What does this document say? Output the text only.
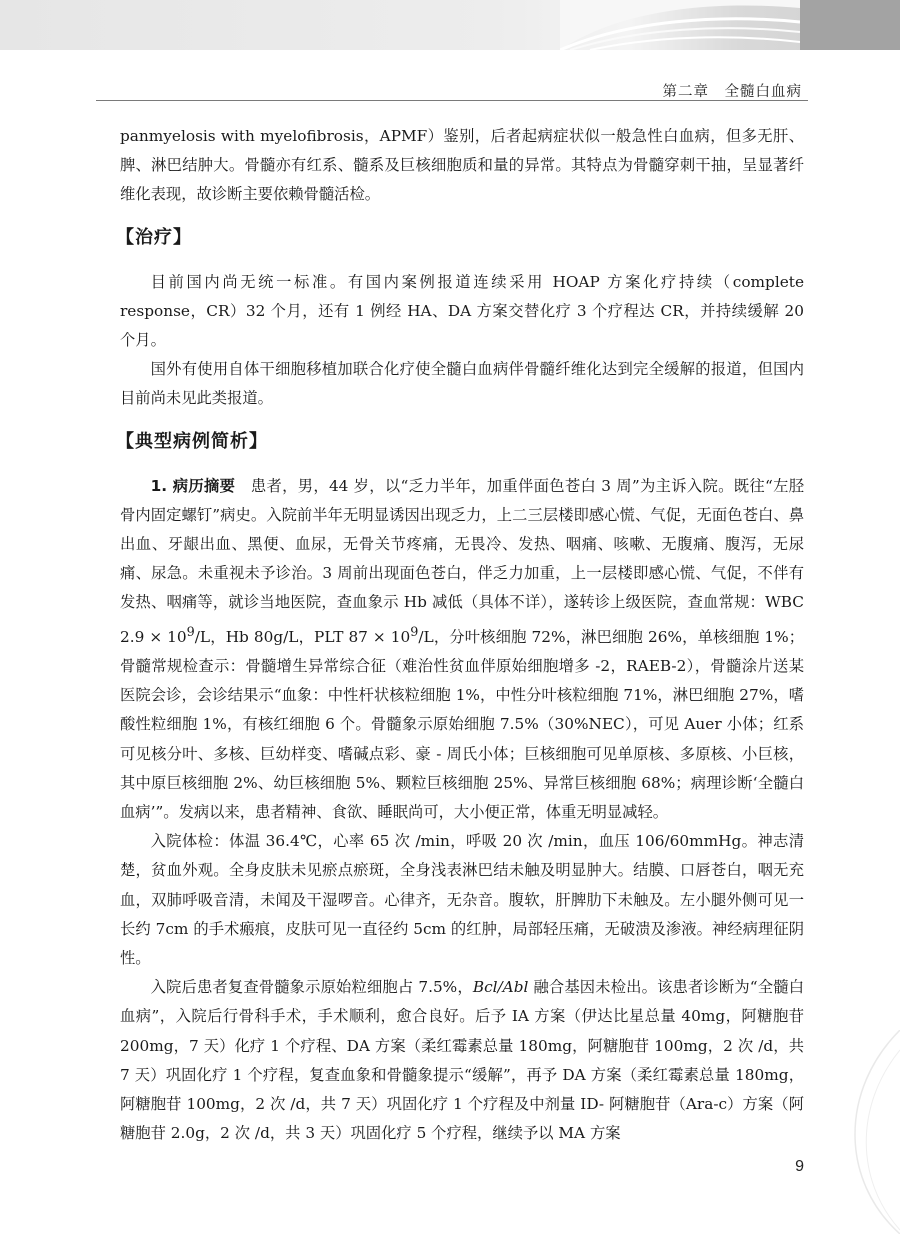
第二章　全髓白血病

panmyelosis with myelofibrosis，APMF）鉴别，后者起病症状似一般急性白血病，但多无肝、脾、淋巴结肿大。骨髓亦有红系、髓系及巨核细胞质和量的异常。其特点为骨髓穿刺干抽，呈显著纤维化表现，故诊断主要依赖骨髓活检。

【治疗】

目前国内尚无统一标准。有国内案例报道连续采用 HOAP 方案化疗持续（complete response，CR）32 个月，还有 1 例经 HA、DA 方案交替化疗 3 个疗程达 CR，并持续缓解 20 个月。

国外有使用自体干细胞移植加联合化疗使全髓白血病伴骨髓纤维化达到完全缓解的报道，但国内目前尚未见此类报道。

【典型病例简析】

1. 病历摘要　患者，男，44 岁，以“乏力半年，加重伴面色苍白 3 周”为主诉入院。既往“左胫骨内固定螺钉”病史。入院前半年无明显诱因出现乏力，上二三层楼即感心慌、气促，无面色苍白、鼻出血、牙龈出血、黑便、血尿，无骨关节疼痛，无畏冷、发热、咽痛、咳嗽、无腹痛、腹泻，无尿痛、尿急。未重视未予诊治。3 周前出现面色苍白，伴乏力加重，上一层楼即感心慌、气促，不伴有发热、咽痛等，就诊当地医院，查血象示 Hb 减低（具体不详），遂转诊上级医院，查血常规：WBC $2.9 \times 10^9/L$，Hb 80g/L，PLT $87 \times 10^9/L$，分叶核细胞 72%，淋巴细胞 26%，单核细胞 1%；骨髓常规检查示：骨髓增生异常综合征（难治性贫血伴原始细胞增多 -2，RAEB-2），骨髓涂片送某医院会诊，会诊结果示“血象：中性杆状核粒细胞 1%，中性分叶核粒细胞 71%，淋巴细胞 27%，嗜酸性粒细胞 1%，有核红细胞 6 个。骨髓象示原始细胞 7.5%（30%NEC），可见 Auer 小体；红系可见核分叶、多核、巨幼样变、嗜碱点彩、豪 - 周氏小体；巨核细胞可见单原核、多原核、小巨核，其中原巨核细胞 2%、幼巨核细胞 5%、颗粒巨核细胞 25%、异常巨核细胞 68%；病理诊断‘全髓白血病’”。发病以来，患者精神、食欲、睡眠尚可，大小便正常，体重无明显减轻。

入院体检：体温 36.4℃，心率 65 次 /min，呼吸 20 次 /min，血压 106/60mmHg。神志清楚，贫血外观。全身皮肤未见瘀点瘀斑，全身浅表淋巴结未触及明显肿大。结膜、口唇苍白，咽无充血，双肺呼吸音清，未闻及干湿啰音。心律齐，无杂音。腹软，肝脾肋下未触及。左小腿外侧可见一长约 7cm 的手术瘢痕，皮肤可见一直径约 5cm 的红肿，局部轻压痛，无破溃及渗液。神经病理征阴性。

入院后患者复查骨髓象示原始粒细胞占 7.5%，Bcl/Abl 融合基因未检出。该患者诊断为“全髓白血病”，入院后行骨科手术，手术顺利，愈合良好。后予 IA 方案（伊达比星总量 40mg，阿糖胞苷 200mg，7 天）化疗 1 个疗程、DA 方案（柔红霉素总量 180mg，阿糖胞苷 100mg，2 次 /d，共 7 天）巩固化疗 1 个疗程，复查血象和骨髓象提示“缓解”，再予 DA 方案（柔红霉素总量 180mg，阿糖胞苷 100mg，2 次 /d，共 7 天）巩固化疗 1 个疗程及中剂量 ID- 阿糖胞苷（Ara-c）方案（阿糖胞苷 2.0g，2 次 /d，共 3 天）巩固化疗 5 个疗程，继续予以 MA 方案

9
